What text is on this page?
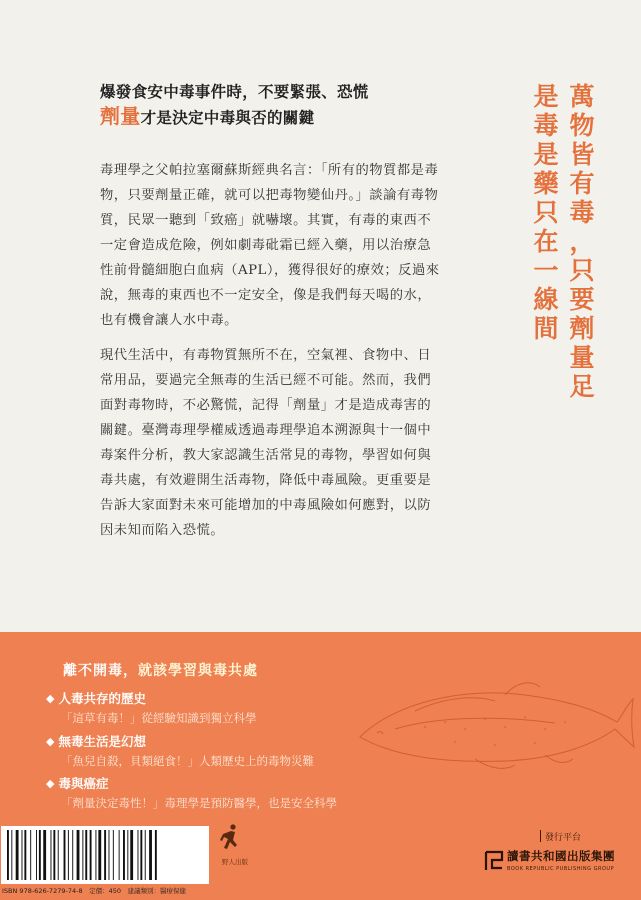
爆發食安中毒事件時，不要緊張、恐慌
劑量才是決定中毒與否的關鍵
毒理學之父帕拉塞爾蘇斯經典名言：「所有的物質都是毒
物，只要劑量正確，就可以把毒物變仙丹。」談論有毒物
質，民眾一聽到「致癌」就嚇壞。其實，有毒的東西不
一定會造成危險，例如劇毒砒霜已經入藥，用以治療急
性前骨髓細胞白血病（APL），獲得很好的療效；反過來
說，無毒的東西也不一定安全，像是我們每天喝的水，
也有機會讓人水中毒。
現代生活中，有毒物質無所不在，空氣裡、食物中、日
常用品，要過完全無毒的生活已經不可能。然而，我們
面對毒物時，不必驚慌，記得「劑量」才是造成毒害的
關鍵。臺灣毒理學權威透過毒理學追本溯源與十一個中
毒案件分析，教大家認識生活常見的毒物，學習如何與
毒共處，有效避開生活毒物，降低中毒風險。更重要是
告訴大家面對未來可能增加的中毒風險如何應對，以防
因未知而陷入恐慌。
萬
物
皆
有
毒
，
只
要
劑
量
足
是
毒
是
藥
只
在
一
線
間
離不開毒，就該學習與毒共處
◆ 人毒共存的歷史
「這草有毒！」從經驗知識到獨立科學
◆ 無毒生活是幻想
「魚兒自殺，貝類絕食！」人類歷史上的毒物災難
◆ 毒與癌症
「劑量決定毒性！」毒理學是預防醫學，也是安全科學
ISBN 978-626-7279-74-8　定價：450　建議類別：醫療保健
野人出版
發行平台
讀書共和國出版集團
BOOK REPUBLIC PUBLISHING GROUP
